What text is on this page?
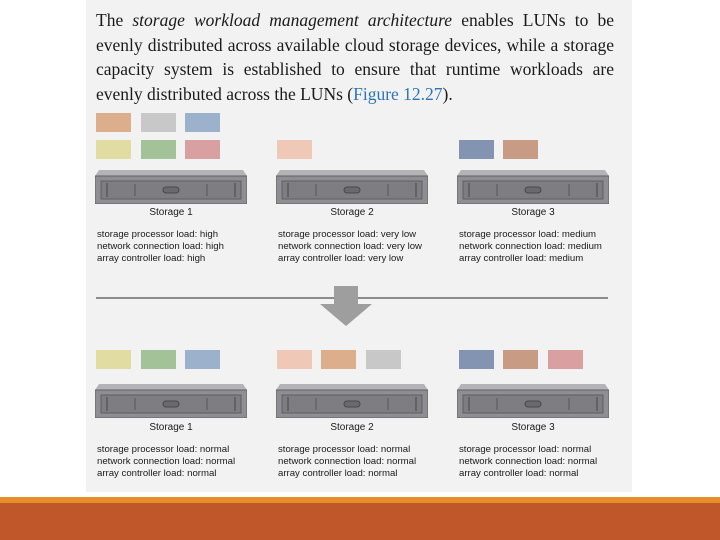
The storage workload management architecture enables LUNs to be evenly distributed across available cloud storage devices, while a storage capacity system is established to ensure that runtime workloads are evenly distributed across the LUNs (Figure 12.27).
Storage 1	Storage 2	Storage 3
storage processor load: high
network connection load: high
array controller load: high
storage processor load: very low
network connection load: very low
array controller load: very low
storage processor load: medium
network connection load: medium
array controller load: medium
Storage 1	Storage 2	Storage 3
storage processor load: normal
network connection load: normal
array controller load: normal
storage processor load: normal
network connection load: normal
array controller load: normal
storage processor load: normal
network connection load: normal
array controller load: normal
